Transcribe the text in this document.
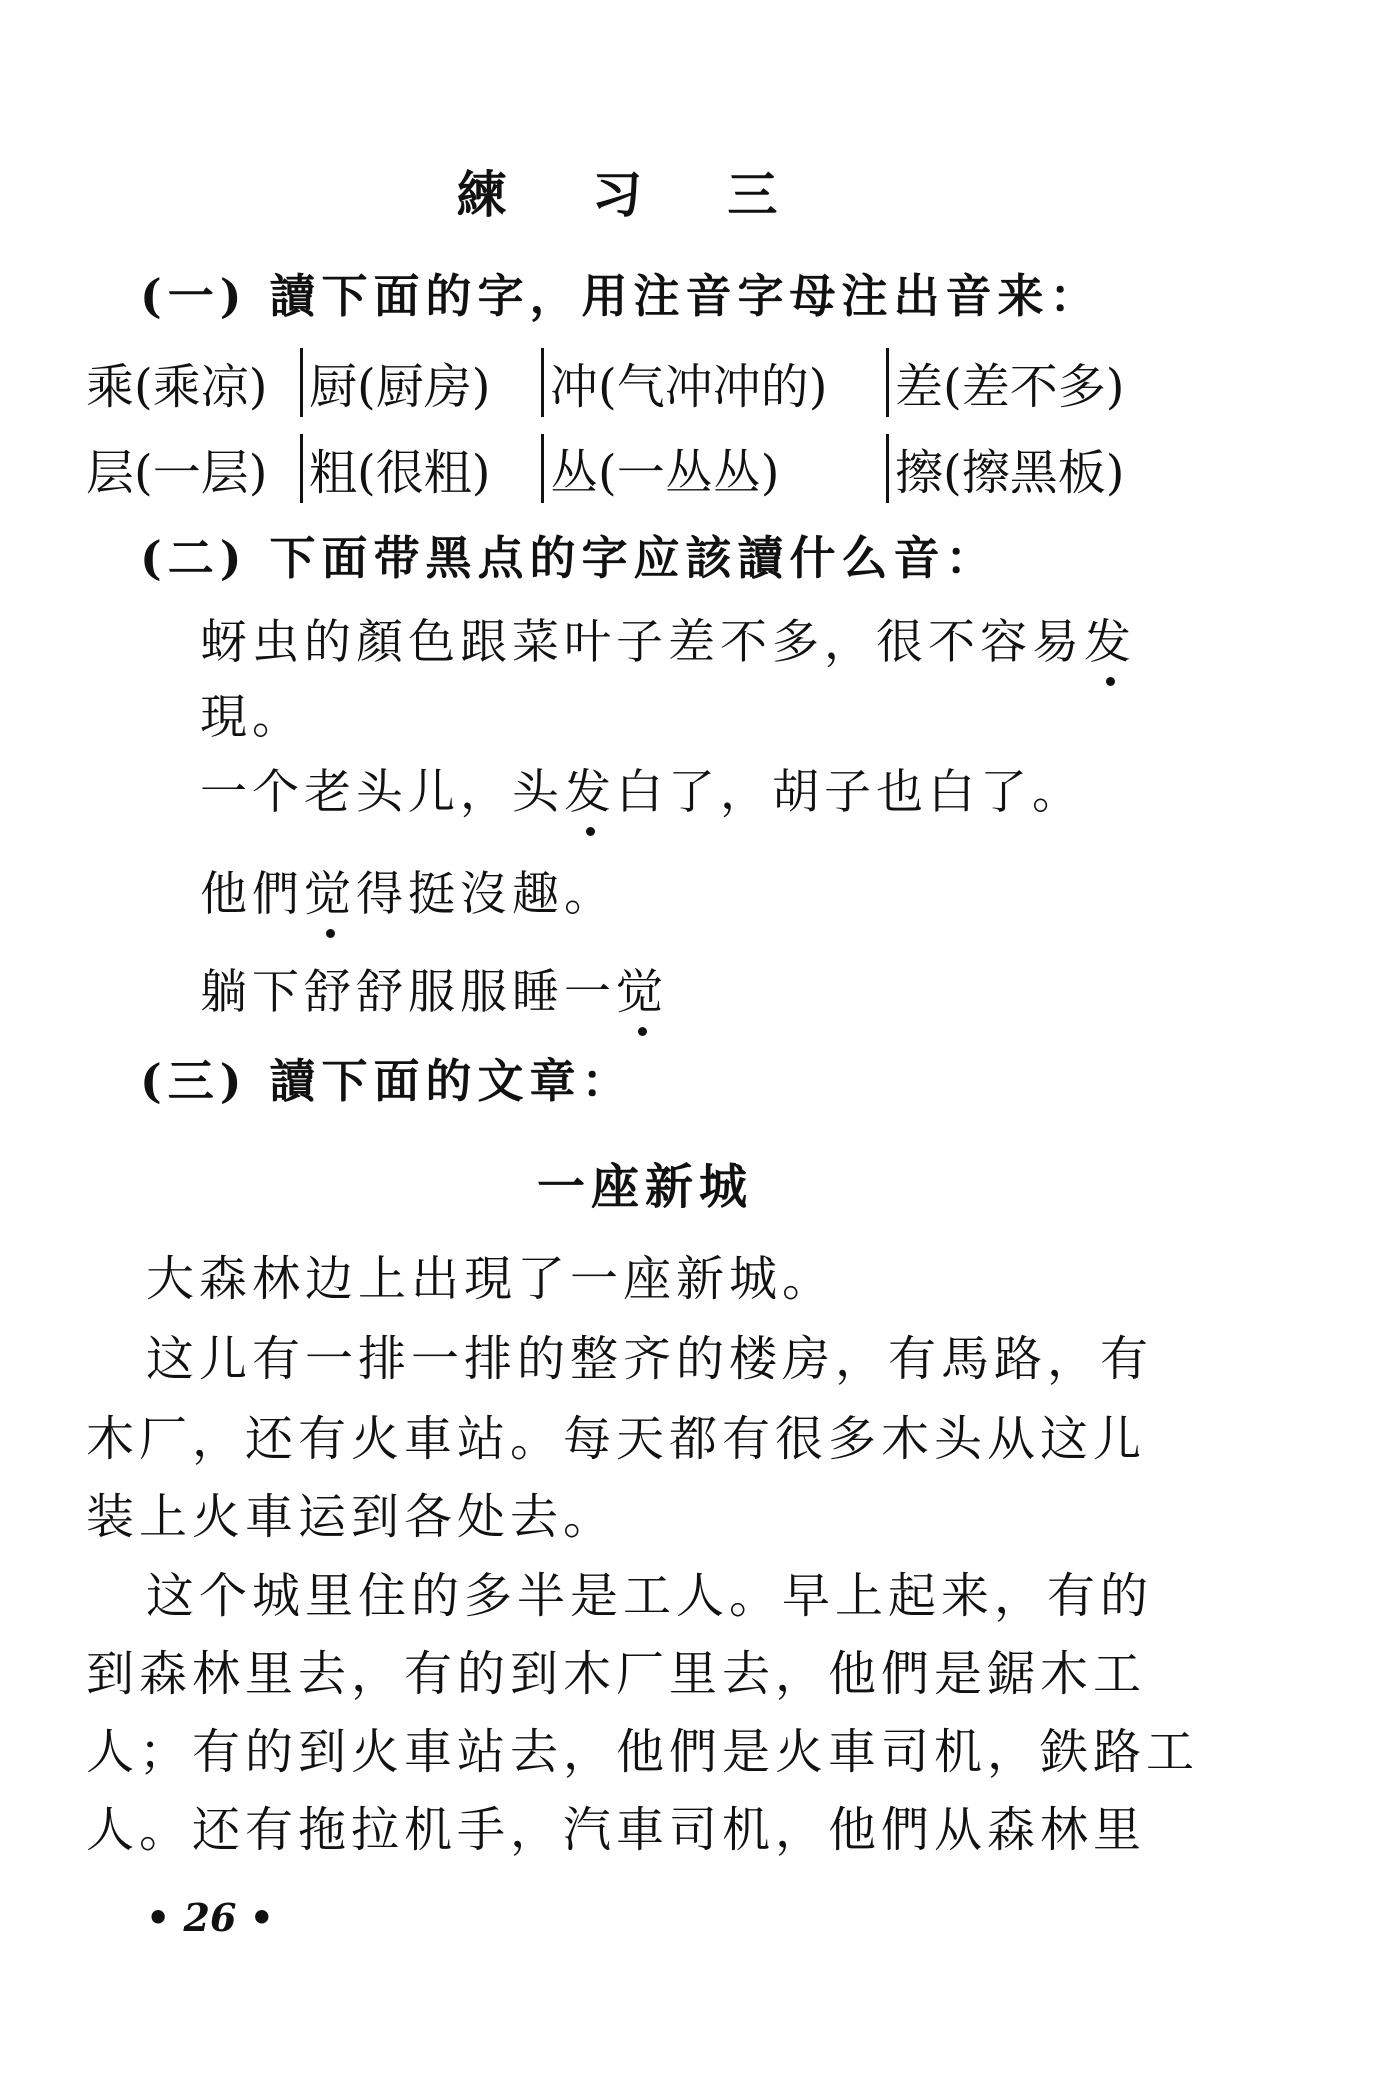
練 习 三
(一) 讀下面的字，用注音字母注出音来：
乘(乘凉) 厨(厨房)	冲(气冲冲的)	差(差不多)
层(一层) 粗(很粗)	丛(一丛丛)	擦(擦黑板)
(二) 下面带黑点的字应該讀什么音：
蚜虫的顏色跟菜叶子差不多，很不容易发
現。
一个老头儿，头发白了，胡子也白了。
他們觉得挺沒趣。
躺下舒舒服服睡一觉
(三) 讀下面的文章：
一座新城
大森林边上出現了一座新城。
这儿有一排一排的整齐的楼房，有馬路，有
木厂，还有火車站。每天都有很多木头从这儿
装上火車运到各处去。
这个城里住的多半是工人。早上起来，有的
到森林里去，有的到木厂里去，他們是鋸木工
人；有的到火車站去，他們是火車司机，鉄路工
人。还有拖拉机手，汽車司机，他們从森林里
• 26 •
